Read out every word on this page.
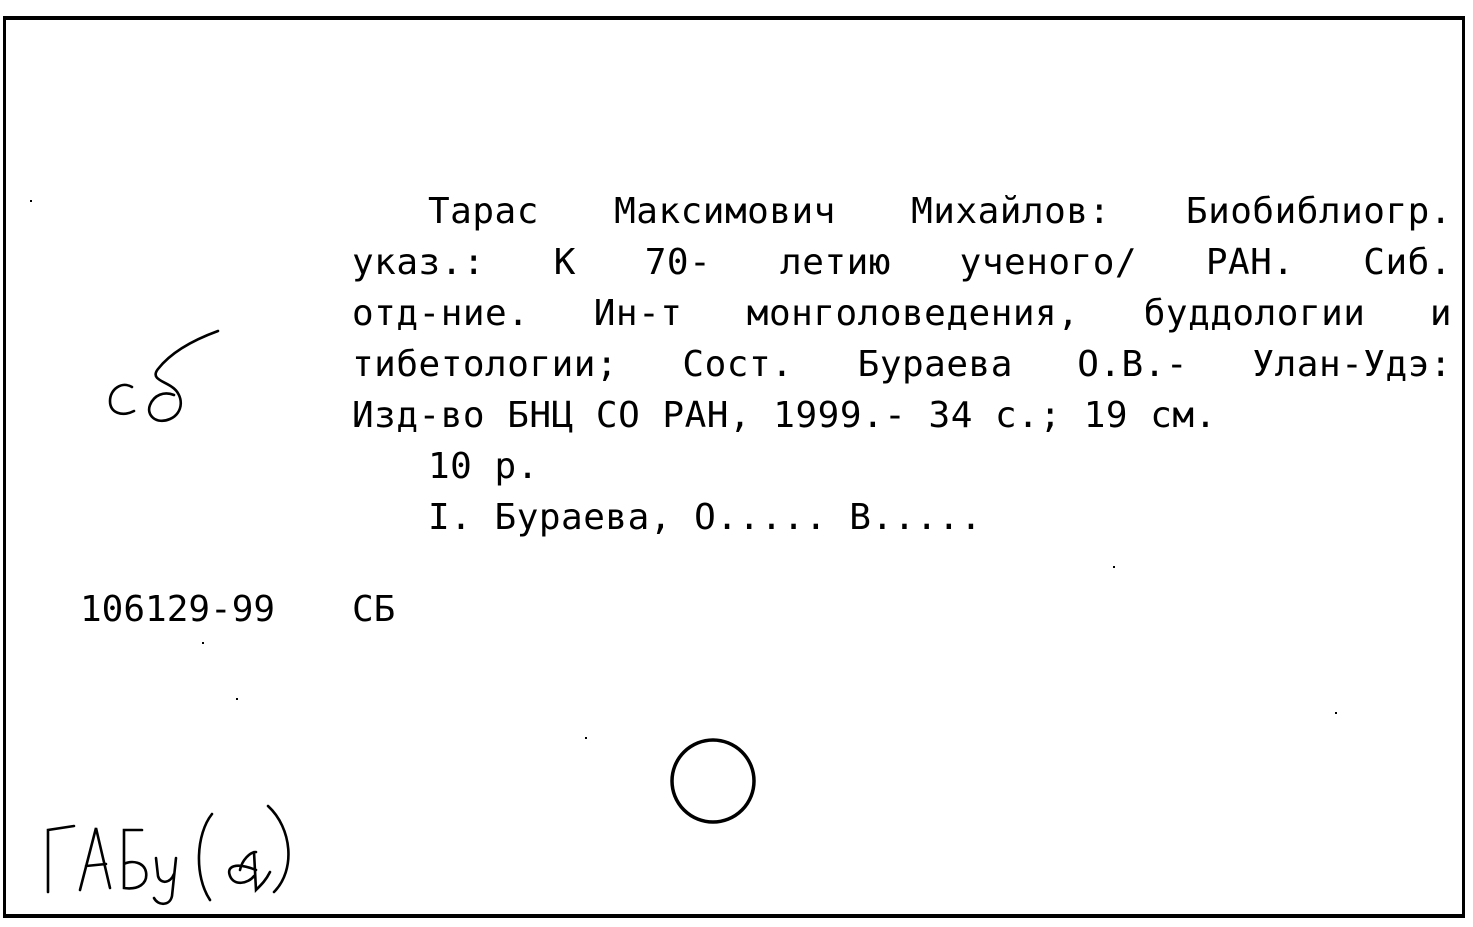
Тарас Максимович Михайлов: Биобиблиогр.
указ.: К 70- летию ученого/ РАН. Сиб.
отд-ние. Ин-т монголоведения, буддологии и
тибетологии; Сост. Бураева О.В.- Улан-Удэ:
Изд-во БНЦ СО РАН, 1999.- 34 с.; 19 см.
10 р.
I. Бураева, О..... В.....
106129-99 СБ
